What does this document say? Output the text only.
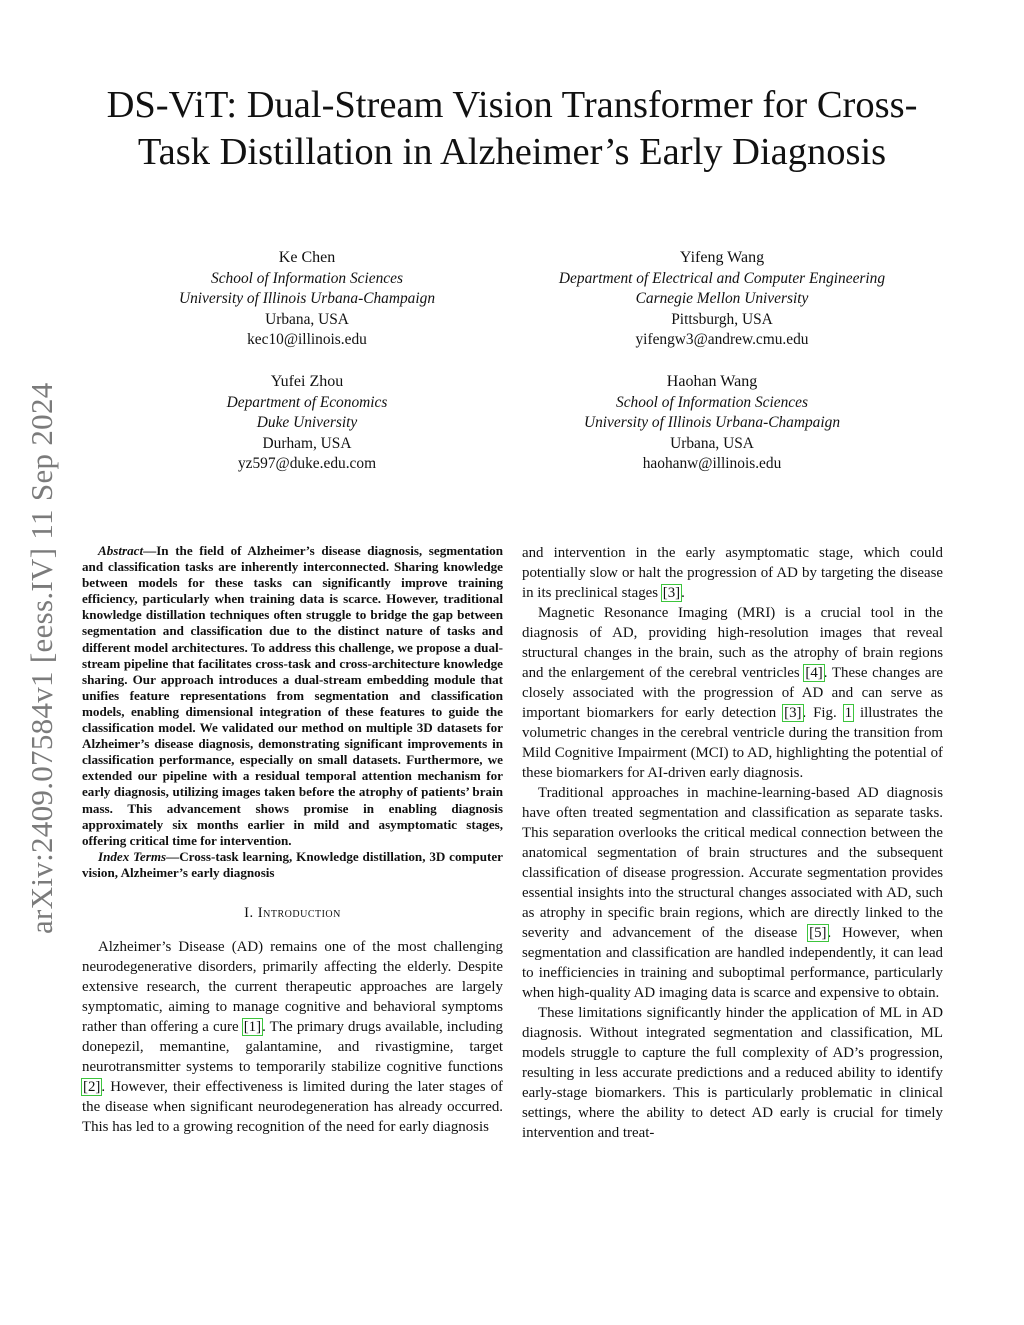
arXiv:2409.07584v1 [eess.IV] 11 Sep 2024
DS-ViT: Dual-Stream Vision Transformer for Cross-Task Distillation in Alzheimer’s Early Diagnosis
Ke Chen
School of Information Sciences
University of Illinois Urbana-Champaign
Urbana, USA
kec10@illinois.edu
Yifeng Wang
Department of Electrical and Computer Engineering
Carnegie Mellon University
Pittsburgh, USA
yifengw3@andrew.cmu.edu
Yufei Zhou
Department of Economics
Duke University
Durham, USA
yz597@duke.edu.com
Haohan Wang
School of Information Sciences
University of Illinois Urbana-Champaign
Urbana, USA
haohanw@illinois.edu

Abstract—In the field of Alzheimer’s disease diagnosis, segmentation and classification tasks are inherently interconnected. Sharing knowledge between models for these tasks can significantly improve training efficiency, particularly when training data is scarce. However, traditional knowledge distillation techniques often struggle to bridge the gap between segmentation and classification due to the distinct nature of tasks and different model architectures. To address this challenge, we propose a dual-stream pipeline that facilitates cross-task and cross-architecture knowledge sharing. Our approach introduces a dual-stream embedding module that unifies feature representations from segmentation and classification models, enabling dimensional integration of these features to guide the classification model. We validated our method on multiple 3D datasets for Alzheimer’s disease diagnosis, demonstrating significant improvements in classification performance, especially on small datasets. Furthermore, we extended our pipeline with a residual temporal attention mechanism for early diagnosis, utilizing images taken before the atrophy of patients’ brain mass. This advancement shows promise in enabling diagnosis approximately six months earlier in mild and asymptomatic stages, offering critical time for intervention.

Index Terms—Cross-task learning, Knowledge distillation, 3D computer vision, Alzheimer’s early diagnosis

I. Introduction

Alzheimer’s Disease (AD) remains one of the most challenging neurodegenerative disorders, primarily affecting the elderly. Despite extensive research, the current therapeutic approaches are largely symptomatic, aiming to manage cognitive and behavioral symptoms rather than offering a cure [1]. The primary drugs available, including donepezil, memantine, galantamine, and rivastigmine, target neurotransmitter systems to temporarily stabilize cognitive functions [2]. However, their effectiveness is limited during the later stages of the disease when significant neurodegeneration has already occurred. This has led to a growing recognition of the need for early diagnosis

and intervention in the early asymptomatic stage, which could potentially slow or halt the progression of AD by targeting the disease in its preclinical stages [3].

Magnetic Resonance Imaging (MRI) is a crucial tool in the diagnosis of AD, providing high-resolution images that reveal structural changes in the brain, such as the atrophy of brain regions and the enlargement of the cerebral ventricles [4]. These changes are closely associated with the progression of AD and can serve as important biomarkers for early detection [3]. Fig. 1 illustrates the volumetric changes in the cerebral ventricle during the transition from Mild Cognitive Impairment (MCI) to AD, highlighting the potential of these biomarkers for AI-driven early diagnosis.

Traditional approaches in machine-learning-based AD diagnosis have often treated segmentation and classification as separate tasks. This separation overlooks the critical medical connection between the anatomical segmentation of brain structures and the subsequent classification of disease progression. Accurate segmentation provides essential insights into the structural changes associated with AD, such as atrophy in specific brain regions, which are directly linked to the severity and advancement of the disease [5]. However, when segmentation and classification are handled independently, it can lead to inefficiencies in training and suboptimal performance, particularly when high-quality AD imaging data is scarce and expensive to obtain.

These limitations significantly hinder the application of ML in AD diagnosis. Without integrated segmentation and classification, ML models struggle to capture the full complexity of AD’s progression, resulting in less accurate predictions and a reduced ability to identify early-stage biomarkers. This is particularly problematic in clinical settings, where the ability to detect AD early is crucial for timely intervention and treat-
